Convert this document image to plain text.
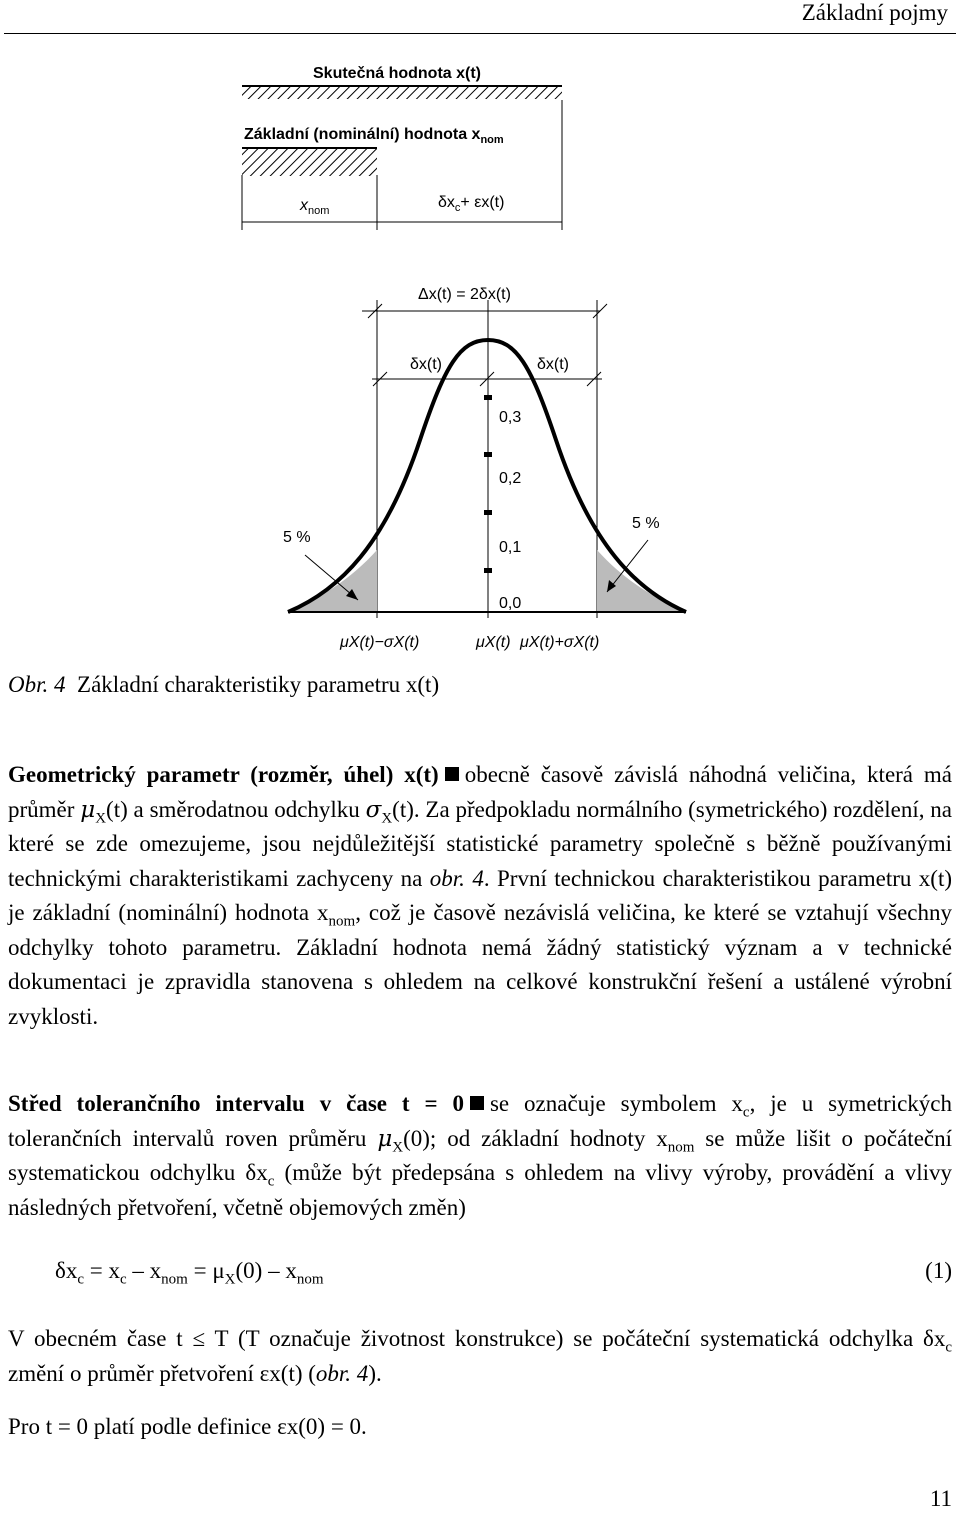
Základní pojmy
Skutečná hodnota x(t)
Základní (nominální) hodnota $x_{nom}$
$x_{nom}$	$\delta x_c+ \varepsilon x(t)$
Δx(t) = 2δx(t)
δx(t)	δx(t)
0,3
0,2
0,1
0,0
5 %
5 %
μX(t)−σX(t)	μX(t) μX(t)+σX(t)
Obr. 4 Základní charakteristiky parametru x(t)

Geometrický parametr (rozměr, úhel) x(t) obecně časově závislá náhodná veličina, která má průměr $\mu_X(t)$ a směrodatnou odchylku $\sigma_X(t)$. Za předpokladu normálního (symetrického) rozdělení, na které se zde omezujeme, jsou nejdůležitější statistické parametry společně s běžně používanými technickými charakteristikami zachyceny na obr. 4. První technickou charakteristikou parametru x(t) je základní (nominální) hodnota $x_{nom}$, což je časově nezávislá veličina, ke které se vztahují všechny odchylky tohoto parametru. Základní hodnota nemá žádný statistický význam a v technické dokumentaci je zpravidla stanovena s ohledem na celkové konstrukční řešení a ustálené výrobní zvyklosti.

Střed tolerančního intervalu v čase t = 0 se označuje symbolem $x_c$, je u symetrických tolerančních intervalů roven průměru $\mu_X(0)$; od základní hodnoty $x_{nom}$ se může lišit o počáteční systematickou odchylku $\delta x_c$ (může být předepsána s ohledem na vlivy výroby, provádění a vlivy následných přetvoření, včetně objemových změn)

$\delta x_c = x_c - x_{nom} = \mu_X(0) - x_{nom}$	(1)

V obecném čase t ≤ T (T označuje životnost konstrukce) se počáteční systematická odchylka $\delta x_c$ změní o průměr přetvoření εx(t) (obr. 4).

Pro t = 0 platí podle definice εx(0) = 0.

11
